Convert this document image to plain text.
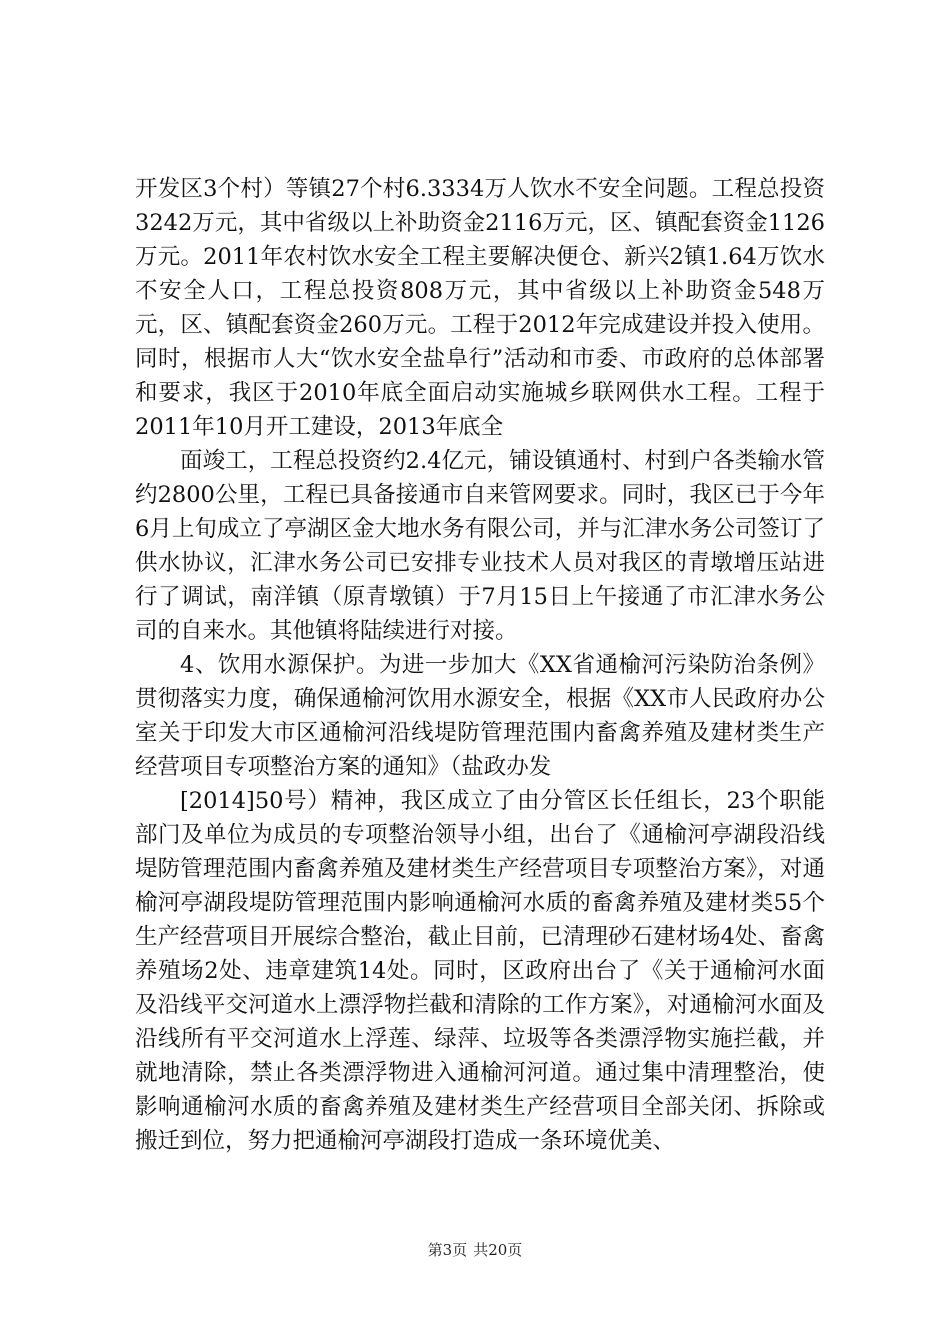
开发区3个村）等镇27个村6.3334万人饮水不安全问题。工程总投资3242万元，其中省级以上补助资金2116万元，区、镇配套资金1126万元。2011年农村饮水安全工程主要解决便仓、新兴2镇1.64万饮水不安全人口，工程总投资808万元，其中省级以上补助资金548万元，区、镇配套资金260万元。工程于2012年完成建设并投入使用。同时，根据市人大“饮水安全盐阜行”活动和市委、市政府的总体部署和要求，我区于2010年底全面启动实施城乡联网供水工程。工程于2011年10月开工建设，2013年底全

面竣工，工程总投资约2.4亿元，铺设镇通村、村到户各类输水管约2800公里，工程已具备接通市自来管网要求。同时，我区已于今年6月上旬成立了亭湖区金大地水务有限公司，并与汇津水务公司签订了供水协议，汇津水务公司已安排专业技术人员对我区的青墩增压站进行了调试，南洋镇（原青墩镇）于7月15日上午接通了市汇津水务公司的自来水。其他镇将陆续进行对接。

4、饮用水源保护。为进一步加大《XX省通榆河污染防治条例》贯彻落实力度，确保通榆河饮用水源安全，根据《XX市人民政府办公室关于印发大市区通榆河沿线堤防管理范围内畜禽养殖及建材类生产经营项目专项整治方案的通知》（盐政办发

[2014]50号）精神，我区成立了由分管区长任组长，23个职能部门及单位为成员的专项整治领导小组，出台了《通榆河亭湖段沿线堤防管理范围内畜禽养殖及建材类生产经营项目专项整治方案》，对通榆河亭湖段堤防管理范围内影响通榆河水质的畜禽养殖及建材类55个生产经营项目开展综合整治，截止目前，已清理砂石建材场4处、畜禽养殖场2处、违章建筑14处。同时，区政府出台了《关于通榆河水面及沿线平交河道水上漂浮物拦截和清除的工作方案》，对通榆河水面及沿线所有平交河道水上浮莲、绿萍、垃圾等各类漂浮物实施拦截，并就地清除，禁止各类漂浮物进入通榆河河道。通过集中清理整治，使影响通榆河水质的畜禽养殖及建材类生产经营项目全部关闭、拆除或搬迁到位，努力把通榆河亭湖段打造成一条环境优美、

第3页 共20页
